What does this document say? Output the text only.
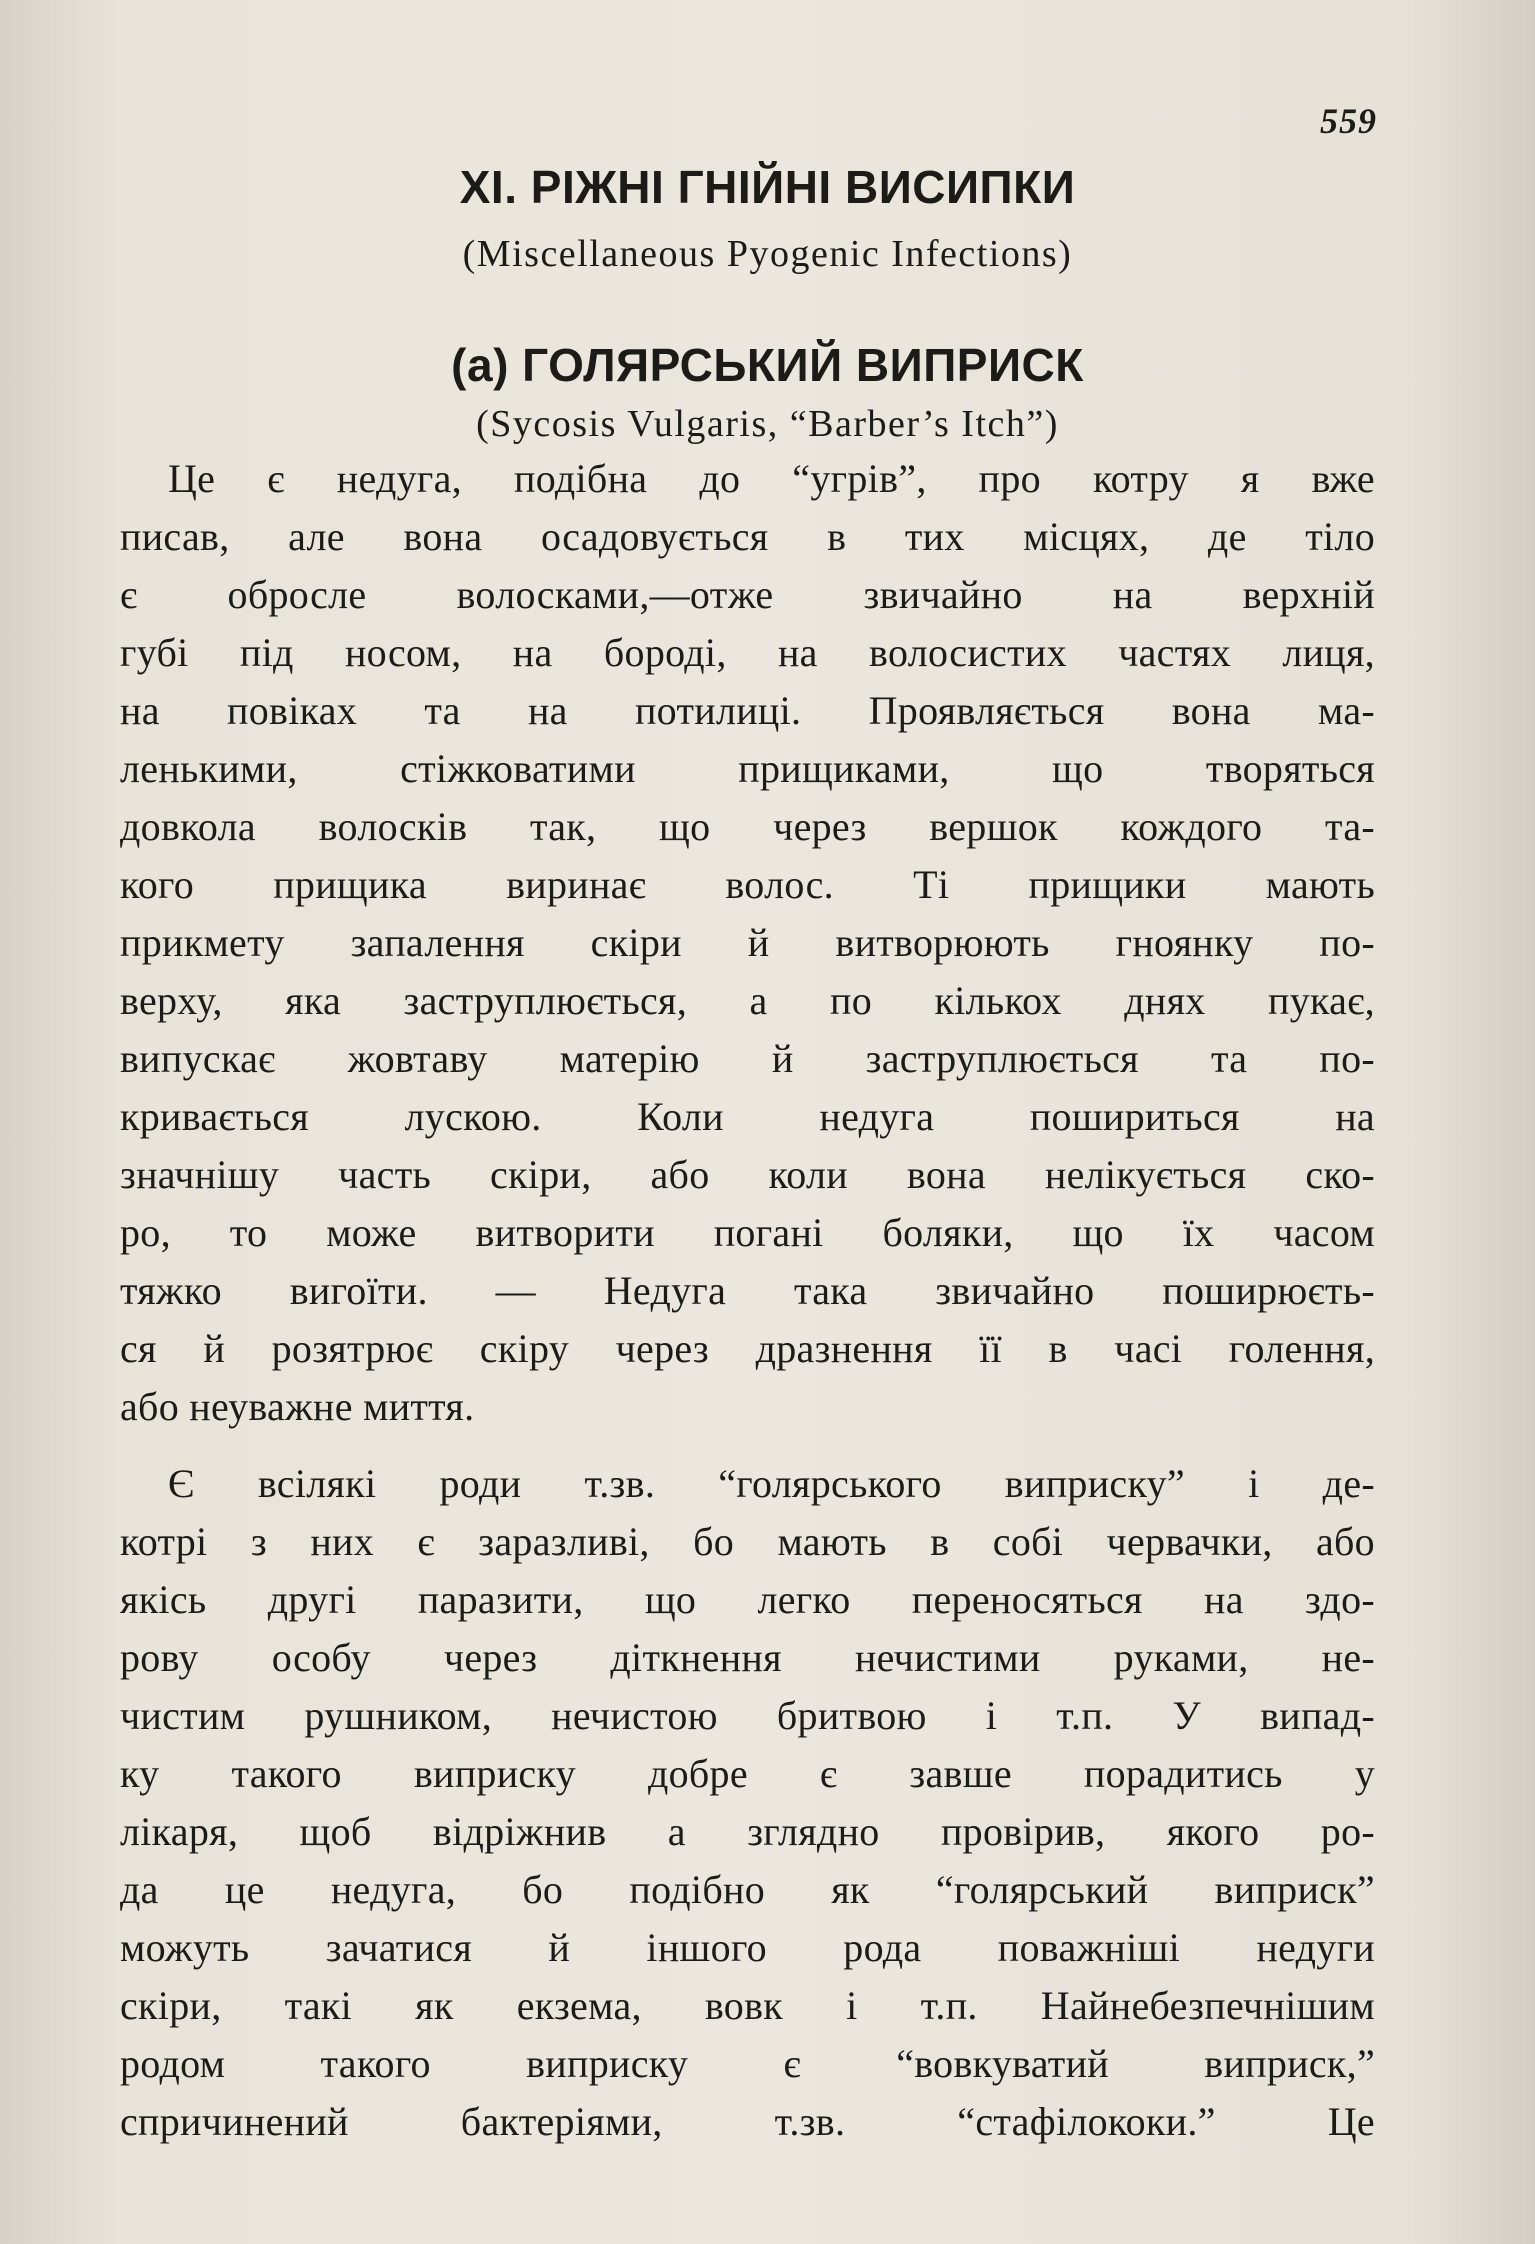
559
XI. РІЖНІ ГНІЙНІ ВИСИПКИ
(Miscellaneous Pyogenic Infections)
(а) ГОЛЯРСЬКИЙ ВИПРИСК
(Sycosis Vulgaris, “Barber’s Itch”)
Це є недуга, подібна до “угрів”, про котру я вже
писав, але вона осадовується в тих місцях, де тіло
є обросле волосками,—отже звичайно на верхній
губі під носом, на бороді, на волосистих частях лиця,
на повіках та на потилиці. Проявляється вона ма-
ленькими, стіжковатими прищиками, що творяться
довкола волосків так, що через вершок кождого та-
кого прищика виринає волос. Ті прищики мають
прикмету запалення скіри й витворюють гноянку по-
верху, яка заструплюється, а по кількох днях пукає,
випускає жовтаву матерію й заструплюється та по-
кривається лускою. Коли недуга пошириться на
значнішу часть скіри, або коли вона нелікується ско-
ро, то може витворити погані боляки, що їх часом
тяжко вигоїти. — Недуга така звичайно поширюєть-
ся й розятрює скіру через дразнення її в часі голення,
або неуважне миття.
Є всілякі роди т.зв. “голярського виприску” і де-
котрі з них є заразливі, бо мають в собі червачки, або
якісь другі паразити, що легко переносяться на здо-
рову особу через діткнення нечистими руками, не-
чистим рушником, нечистою бритвою і т.п. У випад-
ку такого виприску добре є завше порадитись у
лікаря, щоб відріжнив а зглядно провірив, якого ро-
да це недуга, бо подібно як “голярський виприск”
можуть зачатися й іншого рода поважніші недуги
скіри, такі як екзема, вовк і т.п. Найнебезпечнішим
родом такого виприску є “вовкуватий виприск,”
спричинений бактеріями, т.зв. “стафілококи.” Це
